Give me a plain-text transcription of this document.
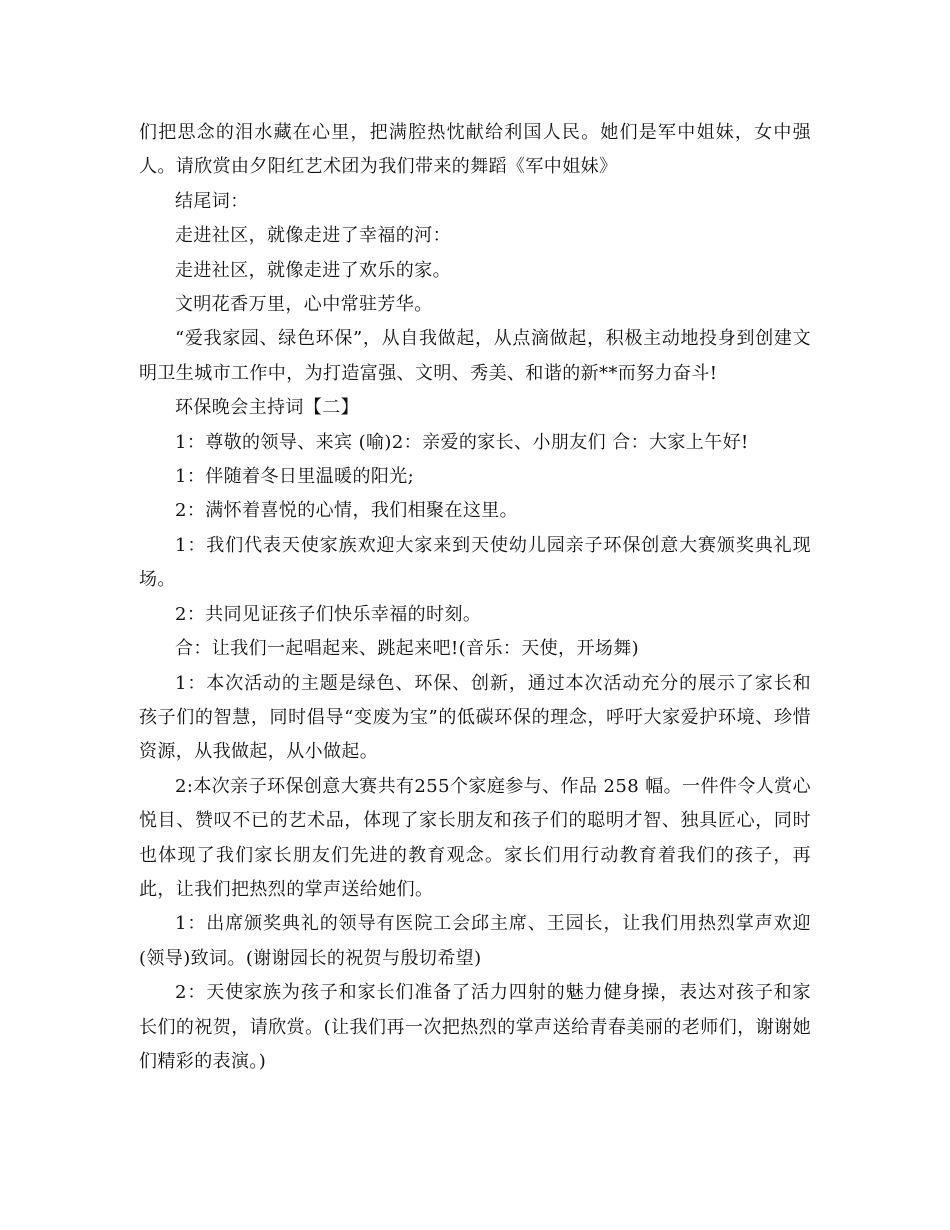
们把思念的泪水藏在心里，把满腔热忱献给利国人民。她们是军中姐妹，女中强人。请欣赏由夕阳红艺术团为我们带来的舞蹈《军中姐妹》

结尾词：

走进社区，就像走进了幸福的河：

走进社区，就像走进了欢乐的家。

文明花香万里，心中常驻芳华。

“爱我家园、绿色环保”，从自我做起，从点滴做起，积极主动地投身到创建文明卫生城市工作中，为打造富强、文明、秀美、和谐的新**而努力奋斗!

环保晚会主持词【二】

1：尊敬的领导、来宾 (喻)2：亲爱的家长、小朋友们 合：大家上午好!

1：伴随着冬日里温暖的阳光;

2：满怀着喜悦的心情，我们相聚在这里。

1：我们代表天使家族欢迎大家来到天使幼儿园亲子环保创意大赛颁奖典礼现场。

2：共同见证孩子们快乐幸福的时刻。

合：让我们一起唱起来、跳起来吧!(音乐：天使，开场舞)

1：本次活动的主题是绿色、环保、创新，通过本次活动充分的展示了家长和孩子们的智慧，同时倡导“变废为宝”的低碳环保的理念，呼吁大家爱护环境、珍惜资源，从我做起，从小做起。

2:本次亲子环保创意大赛共有255个家庭参与、作品 258 幅。一件件令人赏心悦目、赞叹不已的艺术品，体现了家长朋友和孩子们的聪明才智、独具匠心，同时也体现了我们家长朋友们先进的教育观念。家长们用行动教育着我们的孩子，再此，让我们把热烈的掌声送给她们。

1：出席颁奖典礼的领导有医院工会邱主席、王园长，让我们用热烈掌声欢迎(领导)致词。(谢谢园长的祝贺与殷切希望)

2：天使家族为孩子和家长们准备了活力四射的魅力健身操，表达对孩子和家长们的祝贺，请欣赏。(让我们再一次把热烈的掌声送给青春美丽的老师们，谢谢她们精彩的表演。)
